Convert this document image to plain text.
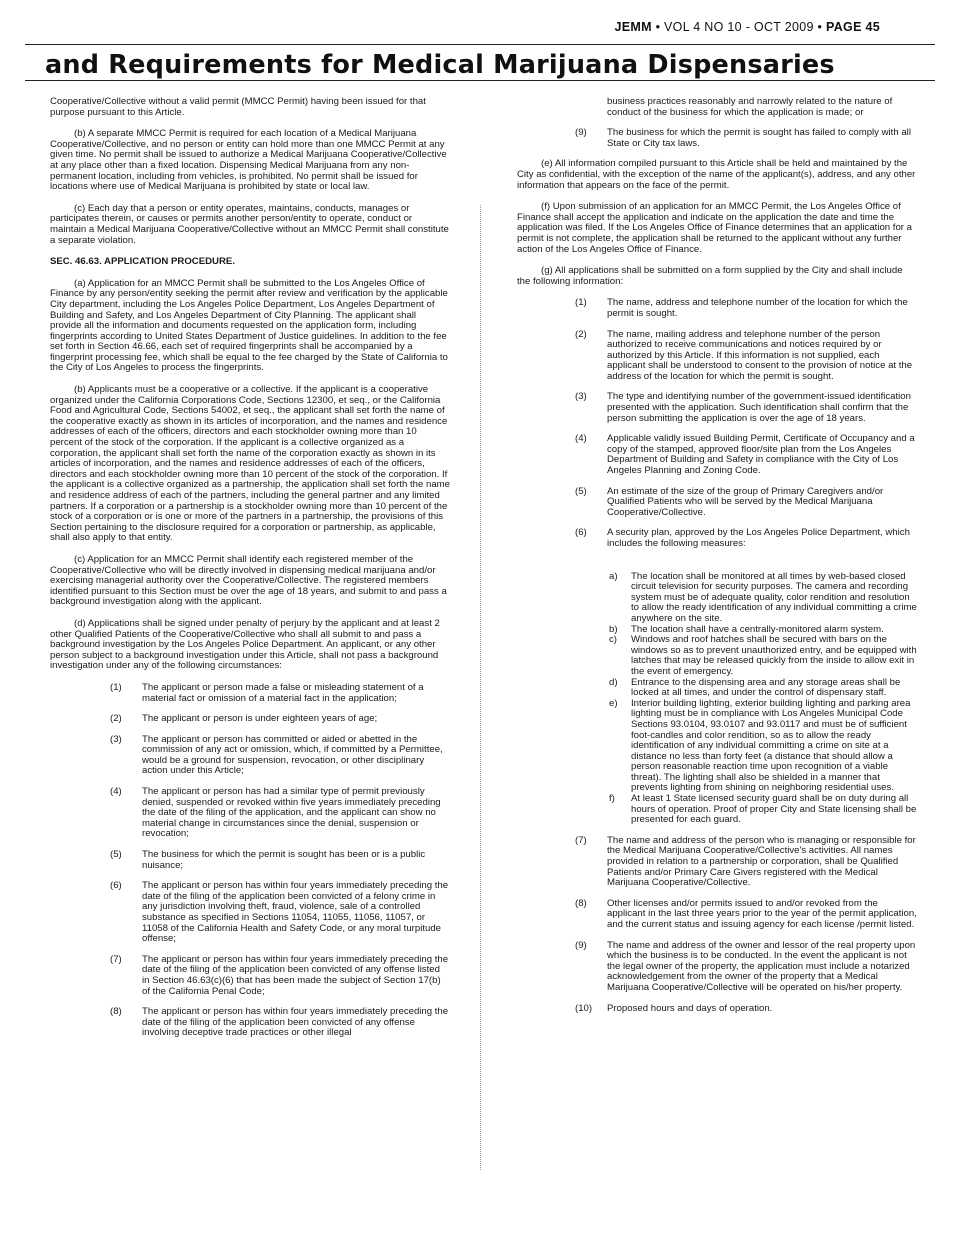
JEMM • VOL 4 NO 10 - OCT 2009 • PAGE 45
and Requirements for Medical Marijuana Dispensaries

Cooperative/Collective without a valid permit (MMCC Permit) having been issued for that purpose pursuant to this Article.

(b) A separate MMCC Permit is required for each location of a Medical Marijuana Cooperative/Collective, and no person or entity can hold more than one MMCC Permit at any given time. No permit shall be issued to authorize a Medical Marijuana Cooperative/Collective at any place other than a fixed location. Dispensing Medical Marijuana from any non-permanent location, including from vehicles, is prohibited. No permit shall be issued for locations where use of Medical Marijuana is prohibited by state or local law.

(c) Each day that a person or entity operates, maintains, conducts, manages or participates therein, or causes or permits another person/entity to operate, conduct or maintain a Medical Marijuana Cooperative/Collective without an MMCC Permit shall constitute a separate violation.

SEC. 46.63. APPLICATION PROCEDURE.

(a) Application for an MMCC Permit shall be submitted to the Los Angeles Office of Finance by any person/entity seeking the permit after review and verification by the applicable City department, including the Los Angeles Police Department, Los Angeles Department of Building and Safety, and Los Angeles Department of City Planning. The applicant shall provide all the information and documents requested on the application form, including fingerprints according to United States Department of Justice guidelines. In addition to the fee set forth in Section 46.66, each set of required fingerprints shall be accompanied by a fingerprint processing fee, which shall be equal to the fee charged by the State of California to the City of Los Angeles to process the fingerprints.

(b) Applicants must be a cooperative or a collective. If the applicant is a cooperative organized under the California Corporations Code, Sections 12300, et seq., or the California Food and Agricultural Code, Sections 54002, et seq., the applicant shall set forth the name of the cooperative exactly as shown in its articles of incorporation, and the names and residence addresses of each of the officers, directors and each stockholder owning more than 10 percent of the stock of the corporation. If the applicant is a collective organized as a corporation, the applicant shall set forth the name of the corporation exactly as shown in its articles of incorporation, and the names and residence addresses of each of the officers, directors and each stockholder owning more than 10 percent of the stock of the corporation. If the applicant is a collective organized as a partnership, the application shall set forth the name and residence address of each of the partners, including the general partner and any limited partners. If a corporation or a partnership is a stockholder owning more than 10 percent of the stock of a corporation or is one or more of the partners in a partnership, the provisions of this Section pertaining to the disclosure required for a corporation or partnership, as applicable, shall also apply to that entity.

(c) Application for an MMCC Permit shall identify each registered member of the Cooperative/Collective who will be directly involved in dispensing medical marijuana and/or exercising managerial authority over the Cooperative/Collective. The registered members identified pursuant to this Section must be over the age of 18 years, and submit to and pass a background investigation along with the applicant.

(d) Applications shall be signed under penalty of perjury by the applicant and at least 2 other Qualified Patients of the Cooperative/Collective who shall all submit to and pass a background investigation by the Los Angeles Police Department. An applicant, or any other person subject to a background investigation under this Article, shall not pass a background investigation under any of the following circumstances:

(1)	The applicant or person made a false or misleading statement of a material fact or omission of a material fact in the application;
(2)	The applicant or person is under eighteen years of age;
(3)	The applicant or person has committed or aided or abetted in the commission of any act or omission, which, if committed by a Permittee, would be a ground for suspension, revocation, or other disciplinary action under this Article;
(4)	The applicant or person has had a similar type of permit previously denied, suspended or revoked within five years immediately preceding the date of the filing of the application, and the applicant can show no material change in circumstances since the denial, suspension or revocation;
(5)	The business for which the permit is sought has been or is a public nuisance;
(6)	The applicant or person has within four years immediately preceding the date of the filing of the application been convicted of a felony crime in any jurisdiction involving theft, fraud, violence, sale of a controlled substance as specified in Sections 11054, 11055, 11056, 11057, or 11058 of the California Health and Safety Code, or any moral turpitude offense;
(7)	The applicant or person has within four years immediately preceding the date of the filing of the application been convicted of any offense listed in Section 46.63(c)(6) that has been made the subject of Section 17(b) of the California Penal Code;
(8)	The applicant or person has within four years immediately preceding the date of the filing of the application been convicted of any offense involving deceptive trade practices or other illegal
business practices reasonably and narrowly related to the nature of conduct of the business for which the application is made; or
(9)	The business for which the permit is sought has failed to comply with all State or City tax laws.

(e) All information compiled pursuant to this Article shall be held and maintained by the City as confidential, with the exception of the name of the applicant(s), address, and any other information that appears on the face of the permit.

(f) Upon submission of an application for an MMCC Permit, the Los Angeles Office of Finance shall accept the application and indicate on the application the date and time the application was filed. If the Los Angeles Office of Finance determines that an application for a permit is not complete, the application shall be returned to the applicant without any further action of the Los Angeles Office of Finance.

(g) All applications shall be submitted on a form supplied by the City and shall include the following information:

(1)	The name, address and telephone number of the location for which the permit is sought.
(2)	The name, mailing address and telephone number of the person authorized to receive communications and notices required by or authorized by this Article. If this information is not supplied, each applicant shall be understood to consent to the provision of notice at the address of the location for which the permit is sought.
(3)	The type and identifying number of the government-issued identification presented with the application. Such identification shall confirm that the person submitting the application is over the age of 18 years.
(4)	Applicable validly issued Building Permit, Certificate of Occupancy and a copy of the stamped, approved floor/site plan from the Los Angeles Department of Building and Safety in compliance with the City of Los Angeles Planning and Zoning Code.
(5)	An estimate of the size of the group of Primary Caregivers and/or Qualified Patients who will be served by the Medical Marijuana Cooperative/Collective.
(6)	A security plan, approved by the Los Angeles Police Department, which includes the following measures:
a)	The location shall be monitored at all times by web-based closed circuit television for security purposes. The camera and recording system must be of adequate quality, color rendition and resolution to allow the ready identification of any individual committing a crime anywhere on the site.
b)	The location shall have a centrally-monitored alarm system.
c)	Windows and roof hatches shall be secured with bars on the windows so as to prevent unauthorized entry, and be equipped with latches that may be released quickly from the inside to allow exit in the event of emergency.
d)	Entrance to the dispensing area and any storage areas shall be locked at all times, and under the control of dispensary staff.
e)	Interior building lighting, exterior building lighting and parking area lighting must be in compliance with Los Angeles Municipal Code Sections 93.0104, 93.0107 and 93.0117 and must be of sufficient foot-candles and color rendition, so as to allow the ready identification of any individual committing a crime on site at a distance no less than forty feet (a distance that should allow a person reasonable reaction time upon recognition of a viable threat). The lighting shall also be shielded in a manner that prevents lighting from shining on neighboring residential uses.
f)	At least 1 State licensed security guard shall be on duty during all hours of operation. Proof of proper City and State licensing shall be presented for each guard.
(7)	The name and address of the person who is managing or responsible for the Medical Marijuana Cooperative/Collective's activities. All names provided in relation to a partnership or corporation, shall be Qualified Patients and/or Primary Care Givers registered with the Medical Marijuana Cooperative/Collective.
(8)	Other licenses and/or permits issued to and/or revoked from the applicant in the last three years prior to the year of the permit application, and the current status and issuing agency for each license /permit listed.
(9)	The name and address of the owner and lessor of the real property upon which the business is to be conducted. In the event the applicant is not the legal owner of the property, the application must include a notarized acknowledgement from the owner of the property that a Medical Marijuana Cooperative/Collective will be operated on his/her property.
(10)	Proposed hours and days of operation.
